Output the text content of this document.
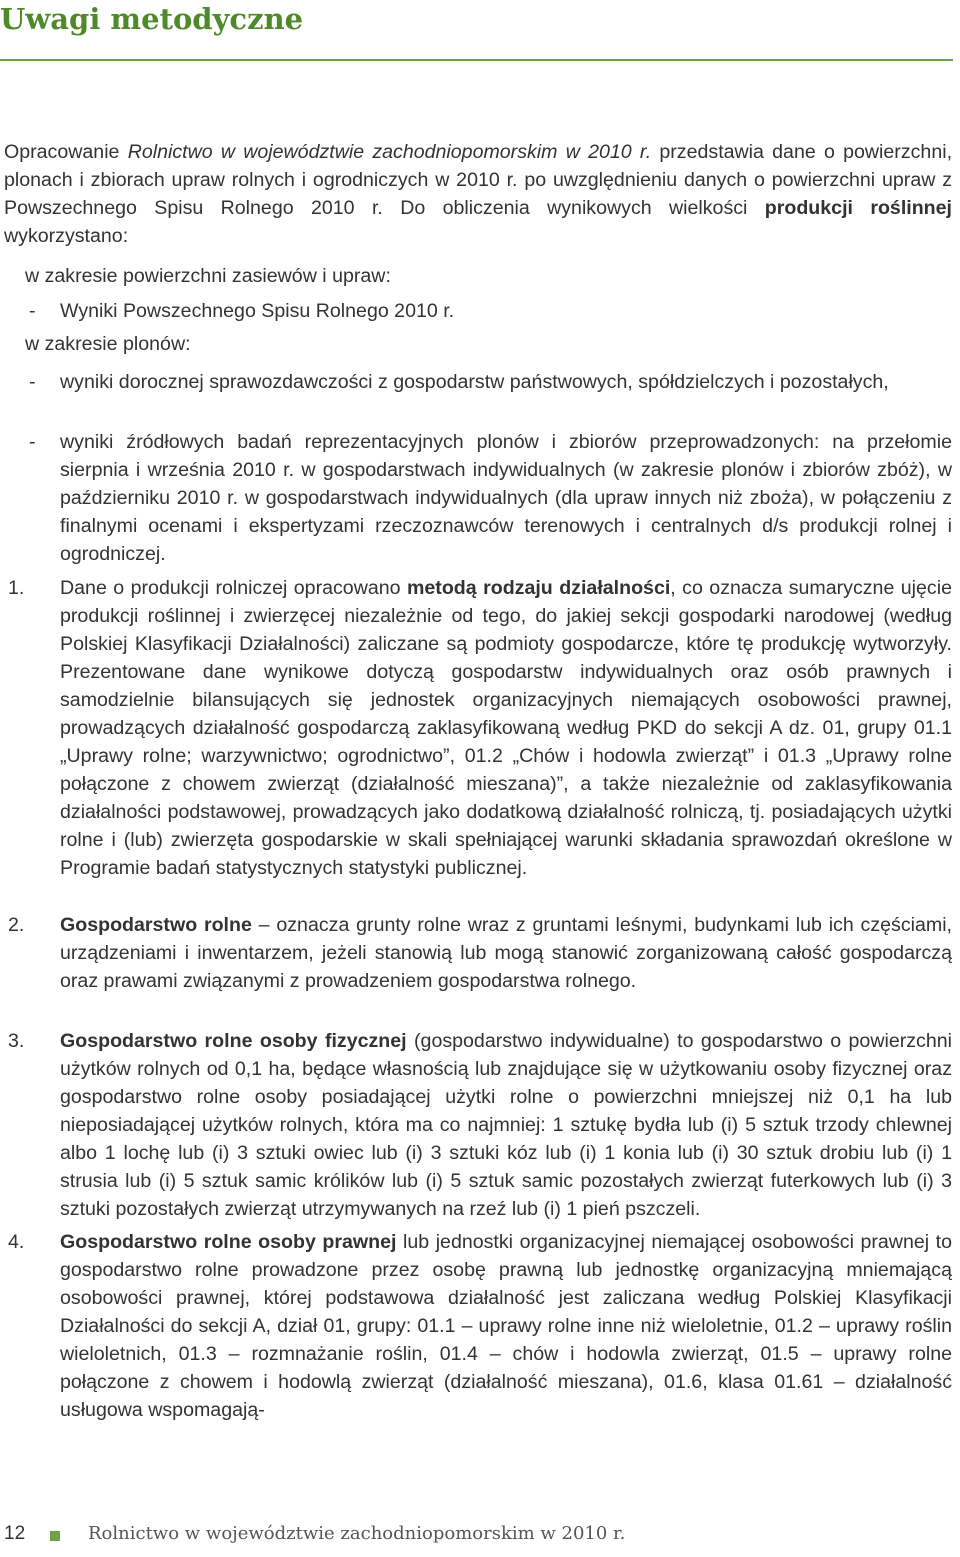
Uwagi metodyczne

Opracowanie Rolnictwo w województwie zachodniopomorskim w 2010 r. przedstawia dane o powierzchni, plonach i zbiorach upraw rolnych i ogrodniczych w 2010 r. po uwzględnieniu danych o powierzchni upraw z Powszechnego Spisu Rolnego 2010 r. Do obliczenia wynikowych wielkości produkcji roślinnej wykorzystano:

w zakresie powierzchni zasiewów i upraw:

- Wyniki Powszechnego Spisu Rolnego 2010 r.

w zakresie plonów:

- wyniki dorocznej sprawozdawczości z gospodarstw państwowych, spółdzielczych i pozostałych,

- wyniki źródłowych badań reprezentacyjnych plonów i zbiorów przeprowadzonych: na przełomie sierpnia i września 2010 r. w gospodarstwach indywidualnych (w zakresie plonów i zbiorów zbóż), w październiku 2010 r. w gospodarstwach indywidualnych (dla upraw innych niż zboża), w połączeniu z finalnymi ocenami i ekspertyzami rzeczoznawców terenowych i centralnych d/s produkcji rolnej i ogrodniczej.

1. Dane o produkcji rolniczej opracowano metodą rodzaju działalności, co oznacza sumaryczne ujęcie produkcji roślinnej i zwierzęcej niezależnie od tego, do jakiej sekcji gospodarki narodowej (według Polskiej Klasyfikacji Działalności) zaliczane są podmioty gospodarcze, które tę produkcję wytworzyły. Prezentowane dane wynikowe dotyczą gospodarstw indywidualnych oraz osób prawnych i samodzielnie bilansujących się jednostek organizacyjnych niemających osobowości prawnej, prowadzących działalność gospodarczą zaklasyfikowaną według PKD do sekcji A dz. 01, grupy 01.1 „Uprawy rolne; warzywnictwo; ogrodnictwo”, 01.2 „Chów i hodowla zwierząt” i 01.3 „Uprawy rolne połączone z chowem zwierząt (działalność mieszana)”, a także niezależnie od zaklasyfikowania działalności podstawowej, prowadzących jako dodatkową działalność rolniczą, tj. posiadających użytki rolne i (lub) zwierzęta gospodarskie w skali spełniającej warunki składania sprawozdań określone w Programie badań statystycznych statystyki publicznej.

2. Gospodarstwo rolne – oznacza grunty rolne wraz z gruntami leśnymi, budynkami lub ich częściami, urządzeniami i inwentarzem, jeżeli stanowią lub mogą stanowić zorganizowaną całość gospodarczą oraz prawami związanymi z prowadzeniem gospodarstwa rolnego.

3. Gospodarstwo rolne osoby fizycznej (gospodarstwo indywidualne) to gospodarstwo o powierzchni użytków rolnych od 0,1 ha, będące własnością lub znajdujące się w użytkowaniu osoby fizycznej oraz gospodarstwo rolne osoby posiadającej użytki rolne o powierzchni mniejszej niż 0,1 ha lub nieposiadającej użytków rolnych, która ma co najmniej: 1 sztukę bydła lub (i) 5 sztuk trzody chlewnej albo 1 lochę lub (i) 3 sztuki owiec lub (i) 3 sztuki kóz lub (i) 1 konia lub (i) 30 sztuk drobiu lub (i) 1 strusia lub (i) 5 sztuk samic królików lub (i) 5 sztuk samic pozostałych zwierząt futerkowych lub (i) 3 sztuki pozostałych zwierząt utrzymywanych na rzeź lub (i) 1 pień pszczeli.

4. Gospodarstwo rolne osoby prawnej lub jednostki organizacyjnej niemającej osobowości prawnej to gospodarstwo rolne prowadzone przez osobę prawną lub jednostkę organizacyjną mniemającą osobowości prawnej, której podstawowa działalność jest zaliczana według Polskiej Klasyfikacji Działalności do sekcji A, dział 01, grupy: 01.1 – uprawy rolne inne niż wieloletnie, 01.2 – uprawy roślin wieloletnich, 01.3 – rozmnażanie roślin, 01.4 – chów i hodowla zwierząt, 01.5 – uprawy rolne połączone z chowem i hodowlą zwierząt (działalność mieszana), 01.6, klasa 01.61 – działalność usługowa wspomagają-

12	Rolnictwo w województwie zachodniopomorskim w 2010 r.
